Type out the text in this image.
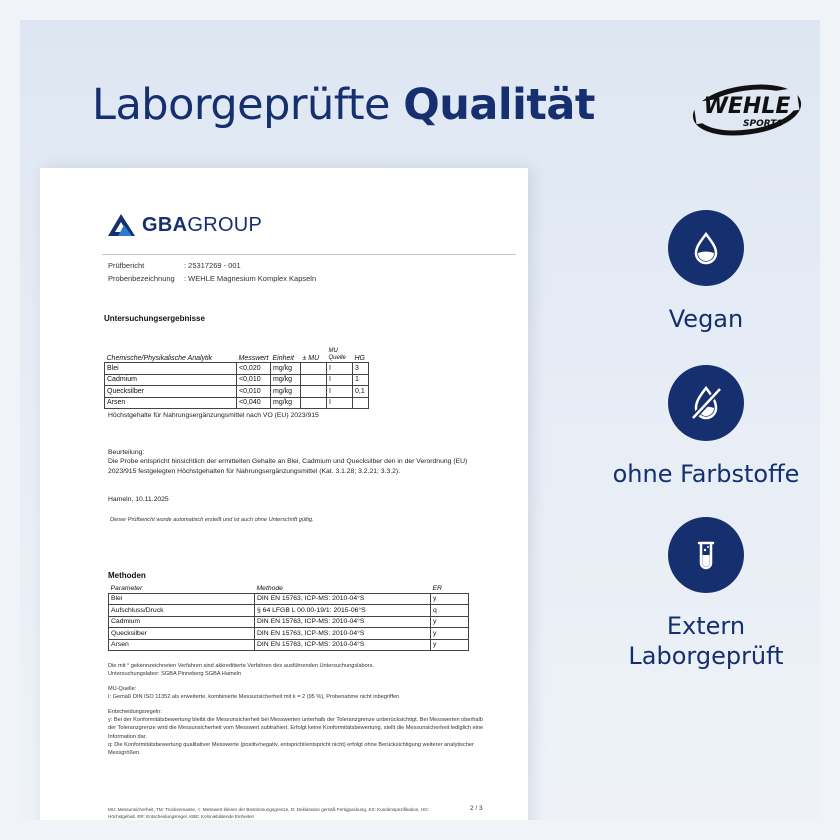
Laborgeprüfte Qualität	WEHLE
SPORTS
GBAGROUP
Prüfbericht	: 25317269 - 001
Probenbezeichnung : WEHLE Magnesium Komplex Kapseln
Untersuchungsergebnisse
Chemische/Physikalische Analytik	Messwert	Einheit	± MU	MU Quelle	HG
Blei	<0,020	mg/kg		I	3
Cadmium	<0,010	mg/kg		I	1
Quecksilber	<0,010	mg/kg		I	0,1
Arsen	<0,040	mg/kg		I	
Höchstgehalte für Nahrungsergänzungsmittel nach VO (EU) 2023/915
Beurteilung:
Die Probe entspricht hinsichtlich der ermittelten Gehalte an Blei, Cadmium und Quecksilber den in der Verordnung (EU) 2023/915 festgelegten Höchstgehalten für Nahrungsergänzungsmittel (Kat. 3.1.28; 3.2.21; 3.3.2).
Hameln, 10.11.2025
Dieser Prüfbericht wurde automatisch erstellt und ist auch ohne Unterschrift gültig.
Methoden
Parameter	Methode	ER
Blei	DIN EN 15763, ICP-MS: 2010-04°S	y
Aufschluss/Druck	§ 64 LFGB L 00.00-19/1: 2015-06°S	q
Cadmium	DIN EN 15763, ICP-MS: 2010-04°S	y
Quecksilber	DIN EN 15763, ICP-MS: 2010-04°S	y
Arsen	DIN EN 15763, ICP-MS: 2010-04°S	y
Die mit ° gekennzeichneten Verfahren sind akkreditierte Verfahren des ausführenden Untersuchungslabors.
Untersuchungslabor: SGBA Pinneberg SGBA Hameln
MU-Quelle:
I: Gemäß DIN ISO 11352 als erweiterte, kombinierte Messunsicherheit mit k = 2 (95 %), Probenahme nicht inbegriffen
Entscheidungsregeln:
y: Bei der Konformitätsbewertung bleibt die Messunsicherheit bei Messwerten unterhalb der Toleranzgrenze unberücksichtigt. Bei Messwerten oberhalb der Toleranzgrenze wird die Messunsicherheit vom Messwert subtrahiert. Erfolgt keine Konformitätsbewertung, stellt die Messunsicherheit lediglich eine Information dar.
q: Die Konformitätsbewertung qualitativer Messwerte (positiv/negativ, entspricht/entspricht nicht) erfolgt ohne Berücksichtigung weiterer analytischer Messgrößen.
MU: Messunsicherheit, TM: Trockenmasse, <: Messwert kleiner der Bestimmungsgrenze, D: Deklaration gemäß Fertigpackung, KS: Kundenspezifikation, HG: Höchstgehalt. ER: Entscheidungsregel, KBE: Koloniebildende Einheiten
2 / 3
Vegan
ohne Farbstoffe
Extern Laborgeprüft
